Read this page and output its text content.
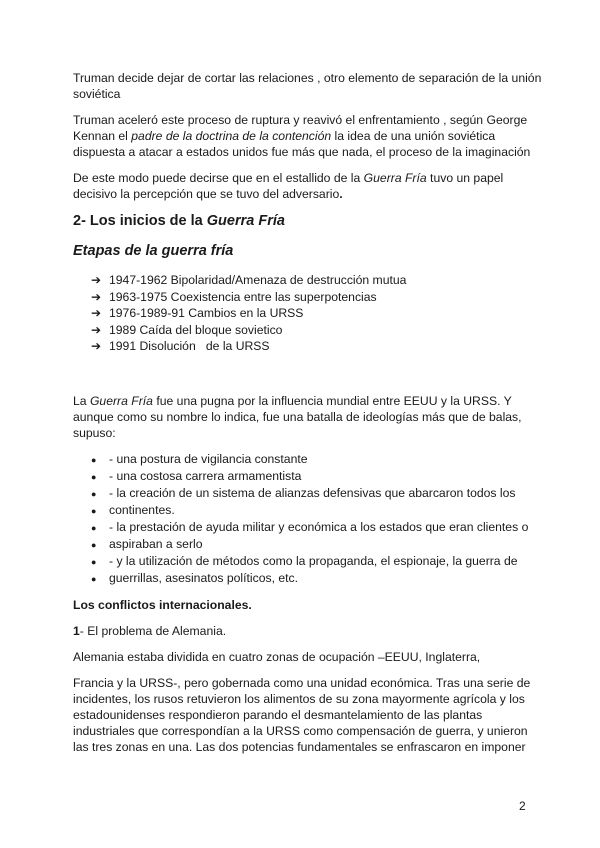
Truman decide dejar de cortar las relaciones , otro elemento de separación de la unión soviética

Truman aceleró este proceso de ruptura y reavivó el enfrentamiento , según George Kennan el padre de la doctrina de la contención la idea de una unión soviética dispuesta a atacar a estados unidos fue más que nada, el proceso de la imaginación

De este modo puede decirse que en el estallido de la Guerra Fría tuvo un papel decisivo la percepción que se tuvo del adversario.

2- Los inicios de la Guerra Fría
Etapas de la guerra fría
➔ 1947-1962 Bipolaridad/Amenaza de destrucción mutua
➔ 1963-1975 Coexistencia entre las superpotencias
➔ 1976-1989-91 Cambios en la URSS
➔ 1989 Caída del bloque sovietico
➔ 1991 Disolución   de la URSS

La Guerra Fría fue una pugna por la influencia mundial entre EEUU y la URSS. Y aunque como su nombre lo indica, fue una batalla de ideologías más que de balas, supuso:

●	- una postura de vigilancia constante
●	- una costosa carrera armamentista
●	- la creación de un sistema de alianzas defensivas que abarcaron todos los
●	continentes.
●	- la prestación de ayuda militar y económica a los estados que eran clientes o
●	aspiraban a serlo
●	- y la utilización de métodos como la propaganda, el espionaje, la guerra de
●	guerrillas, asesinatos políticos, etc.

Los conflictos internacionales.

1- El problema de Alemania.

Alemania estaba dividida en cuatro zonas de ocupación –EEUU, Inglaterra,

Francia y la URSS-, pero gobernada como una unidad económica. Tras una serie de incidentes, los rusos retuvieron los alimentos de su zona mayormente agrícola y los estadounidenses respondieron parando el desmantelamiento de las plantas industriales que correspondían a la URSS como compensación de guerra, y unieron las tres zonas en una. Las dos potencias fundamentales se enfrascaron en imponer

2
